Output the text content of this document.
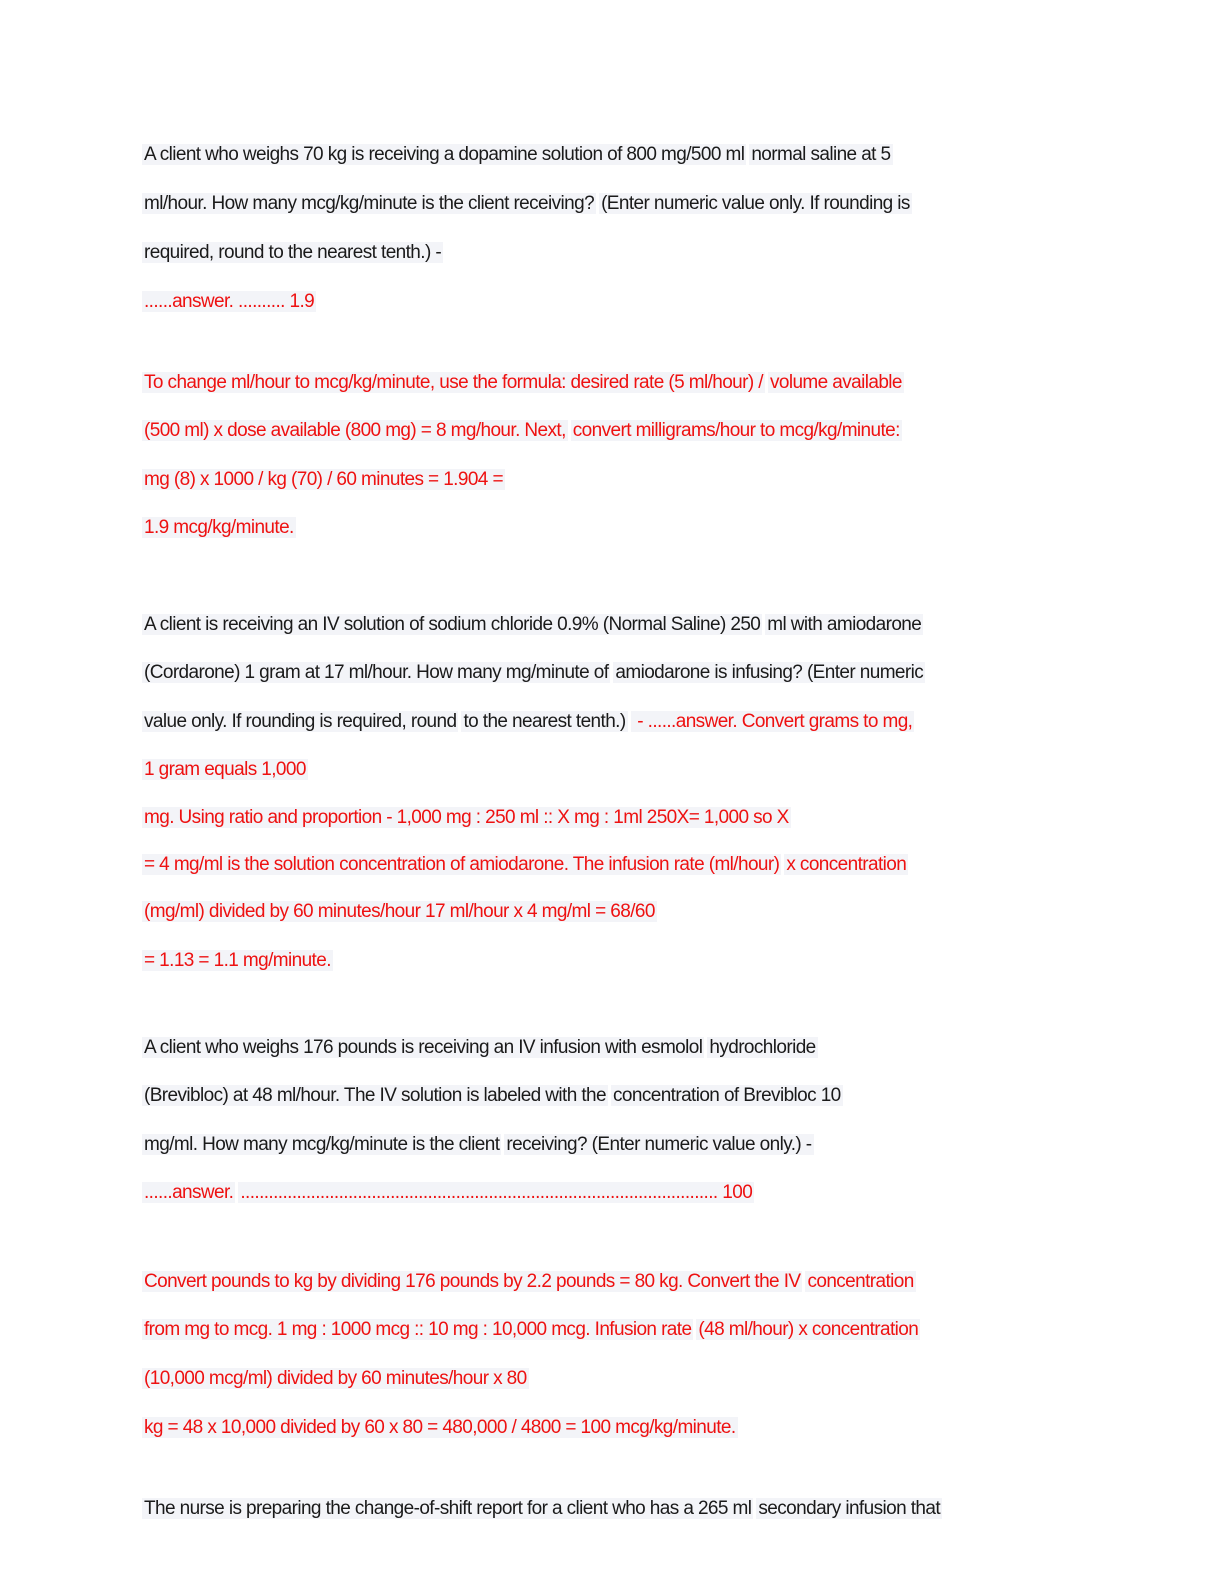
A client who weighs 70 kg is receiving a dopamine solution of 800 mg/500 ml normal saline at 5
ml/hour. How many mcg/kg/minute is the client receiving? (Enter numeric value only. If rounding is
required, round to the nearest tenth.) -
......answer. .......... 1.9
To change ml/hour to mcg/kg/minute, use the formula: desired rate (5 ml/hour) / volume available
(500 ml) x dose available (800 mg) = 8 mg/hour. Next, convert milligrams/hour to mcg/kg/minute:
mg (8) x 1000 / kg (70) / 60 minutes = 1.904 =
1.9 mcg/kg/minute.
A client is receiving an IV solution of sodium chloride 0.9% (Normal Saline) 250 ml with amiodarone
(Cordarone) 1 gram at 17 ml/hour. How many mg/minute of amiodarone is infusing? (Enter numeric
value only. If rounding is required, round to the nearest tenth.) - ......answer. Convert grams to mg,
1 gram equals 1,000
mg. Using ratio and proportion - 1,000 mg : 250 ml :: X mg : 1ml 250X= 1,000 so X
= 4 mg/ml is the solution concentration of amiodarone. The infusion rate (ml/hour) x concentration
(mg/ml) divided by 60 minutes/hour 17 ml/hour x 4 mg/ml = 68/60
= 1.13 = 1.1 mg/minute.
A client who weighs 176 pounds is receiving an IV infusion with esmolol hydrochloride
(Brevibloc) at 48 ml/hour. The IV solution is labeled with the concentration of Brevibloc 10
mg/ml. How many mcg/kg/minute is the client receiving? (Enter numeric value only.) -
......answer. ...................................................................................................... 100
Convert pounds to kg by dividing 176 pounds by 2.2 pounds = 80 kg. Convert the IV concentration
from mg to mcg. 1 mg : 1000 mcg :: 10 mg : 10,000 mcg. Infusion rate (48 ml/hour) x concentration
(10,000 mcg/ml) divided by 60 minutes/hour x 80
kg = 48 x 10,000 divided by 60 x 80 = 480,000 / 4800 = 100 mcg/kg/minute.
The nurse is preparing the change-of-shift report for a client who has a 265 ml secondary infusion that
